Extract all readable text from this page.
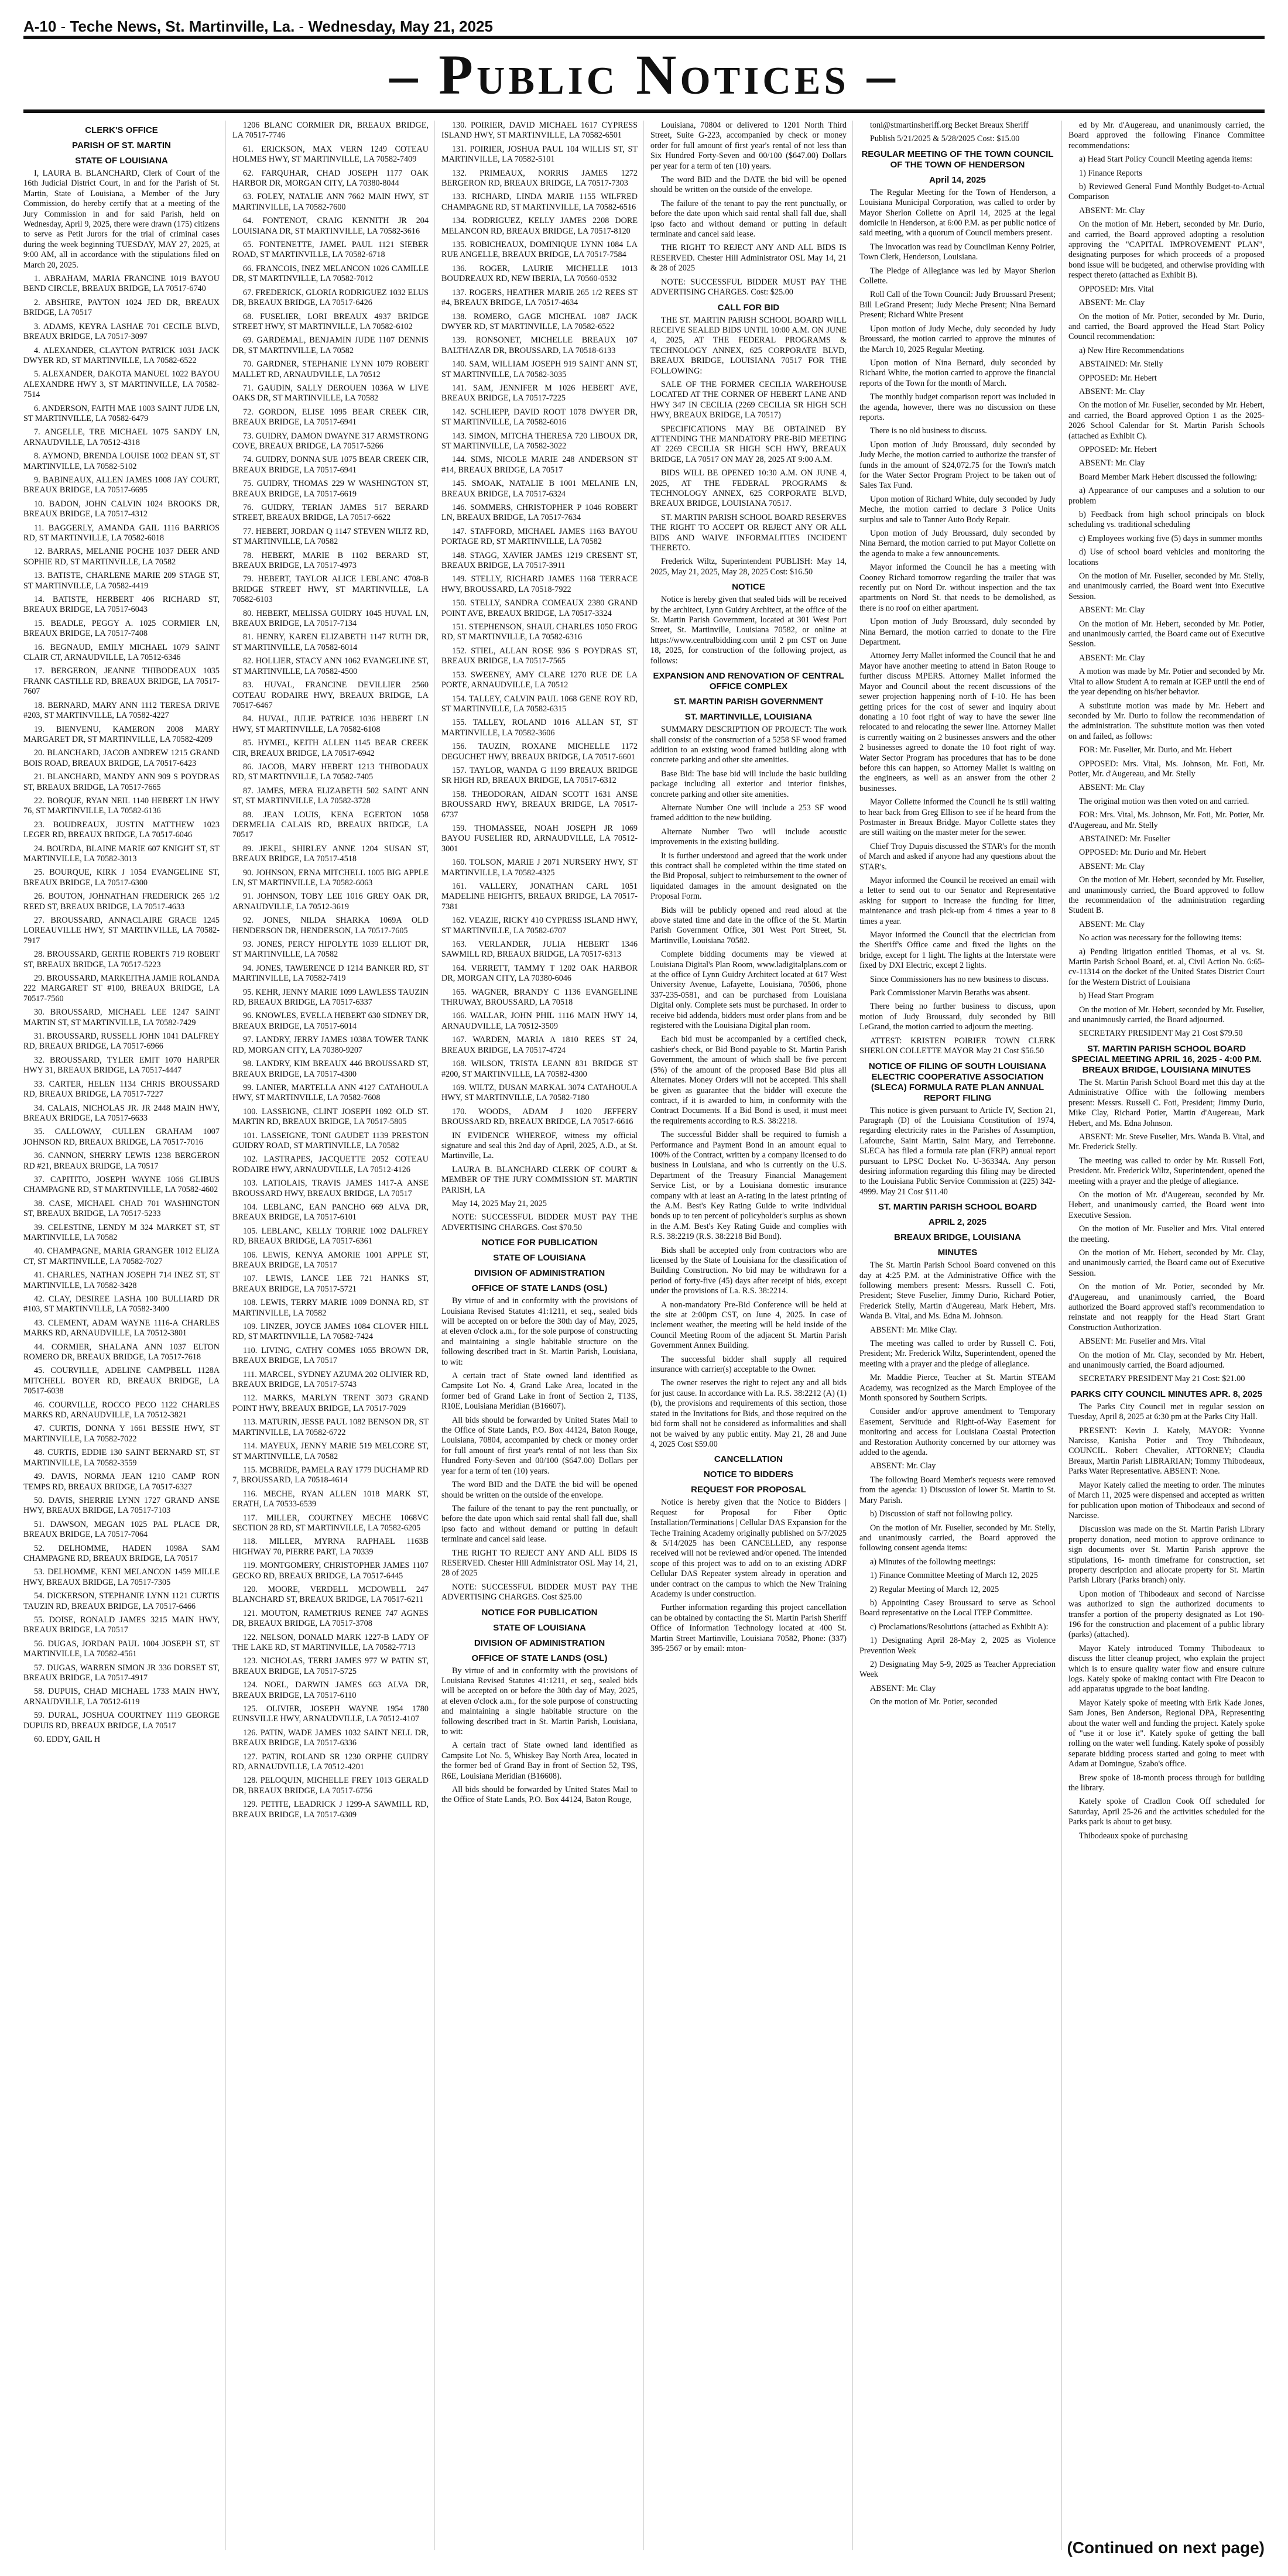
A-10 - Teche News, St. Martinville, La. - Wednesday, May 21, 2025
– Public Notices –
CLERK'S OFFICE
PARISH OF ST. MARTIN
STATE OF LOUISIANA

I, LAURA B. BLANCHARD, Clerk of Court of the 16th Judicial District Court, in and for the Parish of St. Martin, State of Louisiana, a Member of the Jury Commission, do hereby certify that at a meeting of the Jury Commission in and for said Parish, held on Wednesday, April 9, 2025, there were drawn (175) citizens to serve as Petit Jurors for the trial of criminal cases during the week beginning TUESDAY, MAY 27, 2025, at 9:00 AM, all in accordance with the stipulations filed on March 20, 2025.

1. ABRAHAM, MARIA FRANCINE 1019 BAYOU BEND CIRCLE, BREAUX BRIDGE, LA 70517-6740

2. ABSHIRE, PAYTON 1024 JED DR, BREAUX BRIDGE, LA 70517

3. ADAMS, KEYRA LASHAE 701 CECILE BLVD, BREAUX BRIDGE, LA 70517-3097

4. ALEXANDER, CLAYTON PATRICK 1031 JACK DWYER RD, ST MARTINVILLE, LA 70582-6522

5. ALEXANDER, DAKOTA MANUEL 1022 BAYOU ALEXANDRE HWY 3, ST MARTINVILLE, LA 70582-7514

6. ANDERSON, FAITH MAE 1003 SAINT JUDE LN, ST MARTINVILLE, LA 70582-6479

7. ANGELLE, TRE MICHAEL 1075 SANDY LN, ARNAUDVILLE, LA 70512-4318

8. AYMOND, BRENDA LOUISE 1002 DEAN ST, ST MARTINVILLE, LA 70582-5102

9. BABINEAUX, ALLEN JAMES 1008 JAY COURT, BREAUX BRIDGE, LA 70517-6695

10. BADON, JOHN CALVIN 1024 BROOKS DR, BREAUX BRIDGE, LA 70517-4312

11. BAGGERLY, AMANDA GAIL 1116 BARRIOS RD, ST MARTINVILLE, LA 70582-6018

12. BARRAS, MELANIE POCHE 1037 DEER AND SOPHIE RD, ST MARTINVILLE, LA 70582

13. BATISTE, CHARLENE MARIE 209 STAGE ST, ST MARTINVILLE, LA 70582-4419

14. BATISTE, HERBERT 406 RICHARD ST, BREAUX BRIDGE, LA 70517-6043

15. BEADLE, PEGGY A. 1025 CORMIER LN, BREAUX BRIDGE, LA 70517-7408

16. BEGNAUD, EMILY MICHAEL 1079 SAINT CLAIR CT, ARNAUDVILLE, LA 70512-6346

17. BERGERON, JEANNE THIBODEAUX 1035 FRANK CASTILLE RD, BREAUX BRIDGE, LA 70517-7607

18. BERNARD, MARY ANN 1112 TERESA DRIVE #203, ST MARTINVILLE, LA 70582-4227

19. BIENVENU, KAMERON 2008 MARY MARGARET DR, ST MARTINVILLE, LA 70582-4209

20. BLANCHARD, JACOB ANDREW 1215 GRAND BOIS ROAD, BREAUX BRIDGE, LA 70517-6423

21. BLANCHARD, MANDY ANN 909 S POYDRAS ST, BREAUX BRIDGE, LA 70517-7665

22. BORQUE, RYAN NEIL 1140 HEBERT LN HWY 76, ST MARTINVILLE, LA 70582-6136

23. BOUDREAUX, JUSTIN MATTHEW 1023 LEGER RD, BREAUX BRIDGE, LA 70517-6046

24. BOURDA, BLAINE MARIE 607 KNIGHT ST, ST MARTINVILLE, LA 70582-3013

25. BOURQUE, KIRK J 1054 EVANGELINE ST, BREAUX BRIDGE, LA 70517-6300

26. BOUTON, JOHNATHAN FREDERICK 265 1/2 REED ST, BREAUX BRIDGE, LA 70517-4633

27. BROUSSARD, ANNACLAIRE GRACE 1245 LOREAUVILLE HWY, ST MARTINVILLE, LA 70582-7917

28. BROUSSARD, GERTIE ROBERTS 719 ROBERT ST, BREAUX BRIDGE, LA 70517-5223

29. BROUSSARD, MARKEITHA JAMIE ROLANDA 222 MARGARET ST #100, BREAUX BRIDGE, LA 70517-7560

30. BROUSSARD, MICHAEL LEE 1247 SAINT MARTIN ST, ST MARTINVILLE, LA 70582-7429

31. BROUSSARD, RUSSELL JOHN 1041 DALFREY RD, BREAUX BRIDGE, LA 70517-6966

32. BROUSSARD, TYLER EMIT 1070 HARPER HWY 31, BREAUX BRIDGE, LA 70517-4447

33. CARTER, HELEN 1134 CHRIS BROUSSARD RD, BREAUX BRIDGE, LA 70517-7227

34. CALAIS, NICHOLAS JR. JR 2448 MAIN HWY, BREAUX BRIDGE, LA 70517-6633

35. CALLOWAY, CULLEN GRAHAM 1007 JOHNSON RD, BREAUX BRIDGE, LA 70517-7016

36. CANNON, SHERRY LEWIS 1238 BERGERON RD #21, BREAUX BRIDGE, LA 70517

37. CAPITITO, JOSEPH WAYNE 1066 GLIBUS CHAMPAGNE RD, ST MARTINVILLE, LA 70582-4602

38. CASE, MICHAEL CHAD 701 WASHINGTON ST, BREAUX BRIDGE, LA 70517-5233

39. CELESTINE, LENDY M 324 MARKET ST, ST MARTINVILLE, LA 70582

40. CHAMPAGNE, MARIA GRANGER 1012 ELIZA CT, ST MARTINVILLE, LA 70582-7027

41. CHARLES, NATHAN JOSEPH 714 INEZ ST, ST MARTINVILLE, LA 70582-3428

42. CLAY, DESIREE LASHA 100 BULLIARD DR #103, ST MARTINVILLE, LA 70582-3400

43. CLEMENT, ADAM WAYNE 1116-A CHARLES MARKS RD, ARNAUDVILLE, LA 70512-3801

44. CORMIER, SHALANA ANN 1037 ELTON ROMERO DR, BREAUX BRIDGE, LA 70517-7618

45. COURVILLE, ADELINE CAMPBELL 1128A MITCHELL BOYER RD, BREAUX BRIDGE, LA 70517-6038

46. COURVILLE, ROCCO PECO 1122 CHARLES MARKS RD, ARNAUDVILLE, LA 70512-3821

47. CURTIS, DONNA Y 1661 BESSIE HWY, ST MARTINVILLE, LA 70582-7022

48. CURTIS, EDDIE 130 SAINT BERNARD ST, ST MARTINVILLE, LA 70582-3559

49. DAVIS, NORMA JEAN 1210 CAMP RON TEMPS RD, BREAUX BRIDGE, LA 70517-6327

50. DAVIS, SHERRIE LYNN 1727 GRAND ANSE HWY, BREAUX BRIDGE, LA 70517-7103

51. DAWSON, MEGAN 1025 PAL PLACE DR, BREAUX BRIDGE, LA 70517-7064

52. DELHOMME, HADEN 1098A SAM CHAMPAGNE RD, BREAUX BRIDGE, LA 70517

53. DELHOMME, KENI MELANCON 1459 MILLE HWY, BREAUX BRIDGE, LA 70517-7305

54. DICKERSON, STEPHANIE LYNN 1121 CURTIS TAUZIN RD, BREAUX BRIDGE, LA 70517-6466

55. DOISE, RONALD JAMES 3215 MAIN HWY, BREAUX BRIDGE, LA 70517

56. DUGAS, JORDAN PAUL 1004 JOSEPH ST, ST MARTINVILLE, LA 70582-4561

57. DUGAS, WARREN SIMON JR 336 DORSET ST, BREAUX BRIDGE, LA 70517-4917

58. DUPUIS, CHAD MICHAEL 1733 MAIN HWY, ARNAUDVILLE, LA 70512-6119

59. DURAL, JOSHUA COURTNEY 1119 GEORGE DUPUIS RD, BREAUX BRIDGE, LA 70517

60. EDDY, GAIL H

1206 BLANC CORMIER DR, BREAUX BRIDGE, LA 70517-7746

61. ERICKSON, MAX VERN 1249 COTEAU HOLMES HWY, ST MARTINVILLE, LA 70582-7409

62. FARQUHAR, CHAD JOSEPH 1177 OAK HARBOR DR, MORGAN CITY, LA 70380-8044

63. FOLEY, NATALIE ANN 7662 MAIN HWY, ST MARTINVILLE, LA 70582-7600

64. FONTENOT, CRAIG KENNITH JR 204 LOUISIANA DR, ST MARTINVILLE, LA 70582-3616

65. FONTENETTE, JAMEL PAUL 1121 SIEBER ROAD, ST MARTINVILLE, LA 70582-6718

66. FRANCOIS, INEZ MELANCON 1026 CAMILLE DR, ST MARTINVILLE, LA 70582-7012

67. FREDERICK, GLORIA RODRIGUEZ 1032 ELUS DR, BREAUX BRIDGE, LA 70517-6426

68. FUSELIER, LORI BREAUX 4937 BRIDGE STREET HWY, ST MARTINVILLE, LA 70582-6102

69. GARDEMAL, BENJAMIN JUDE 1107 DENNIS DR, ST MARTINVILLE, LA 70582

70. GARDNER, STEPHANIE LYNN 1079 ROBERT MALLET RD, ARNAUDVILLE, LA 70512

71. GAUDIN, SALLY DEROUEN 1036A W LIVE OAKS DR, ST MARTINVILLE, LA 70582

72. GORDON, ELISE 1095 BEAR CREEK CIR, BREAUX BRIDGE, LA 70517-6941

73. GUIDRY, DAMON DWAYNE 317 ARMSTRONG COVE, BREAUX BRIDGE, LA 70517-5266

74. GUIDRY, DONNA SUE 1075 BEAR CREEK CIR, BREAUX BRIDGE, LA 70517-6941

75. GUIDRY, THOMAS 229 W WASHINGTON ST, BREAUX BRIDGE, LA 70517-6619

76. GUIDRY, TERIAN JAMES 517 BERARD STREET, BREAUX BRIDGE, LA 70517-6622

77. HEBERT, JORDAN Q 1147 STEVEN WILTZ RD, ST MARTINVILLE, LA 70582

78. HEBERT, MARIE B 1102 BERARD ST, BREAUX BRIDGE, LA 70517-4973

79. HEBERT, TAYLOR ALICE LEBLANC 4708-B BRIDGE STREET HWY, ST MARTINVILLE, LA 70582-6103

80. HEBERT, MELISSA GUIDRY 1045 HUVAL LN, BREAUX BRIDGE, LA 70517-7134

81. HENRY, KAREN ELIZABETH 1147 RUTH DR, ST MARTINVILLE, LA 70582-6014

82. HOLLIER, STACY ANN 1062 EVANGELINE ST, ST MARTINVILLE, LA 70582-4500

83. HUVAL, FRANCINE DEVILLIER 2560 COTEAU RODAIRE HWY, BREAUX BRIDGE, LA 70517-6467

84. HUVAL, JULIE PATRICE 1036 HEBERT LN HWY, ST MARTINVILLE, LA 70582-6108

85. HYMEL, KEITH ALLEN 1145 BEAR CREEK CIR, BREAUX BRIDGE, LA 70517-6942

86. JACOB, MARY HEBERT 1213 THIBODAUX RD, ST MARTINVILLE, LA 70582-7405

87. JAMES, MERA ELIZABETH 502 SAINT ANN ST, ST MARTINVILLE, LA 70582-3728

88. JEAN LOUIS, KENA EGERTON 1058 DERMELIA CALAIS RD, BREAUX BRIDGE, LA 70517

89. JEKEL, SHIRLEY ANNE 1204 SUSAN ST, BREAUX BRIDGE, LA 70517-4518

90. JOHNSON, ERNA MITCHELL 1005 BIG APPLE LN, ST MARTINVILLE, LA 70582-6063

91. JOHNSON, TOBY LEE 1016 GREY OAK DR, ARNAUDVILLE, LA 70512-3619

92. JONES, NILDA SHARKA 1069A OLD HENDERSON DR, HENDERSON, LA 70517-7605

93. JONES, PERCY HIPOLYTE 1039 ELLIOT DR, ST MARTINVILLE, LA 70582

94. JONES, TAWERENCE D 1214 BANKER RD, ST MARTINVILLE, LA 70582-7419

95. KEHR, JENNY MARIE 1099 LAWLESS TAUZIN RD, BREAUX BRIDGE, LA 70517-6337

96. KNOWLES, EVELLA HEBERT 630 SIDNEY DR, BREAUX BRIDGE, LA 70517-6014

97. LANDRY, JERRY JAMES 1038A TOWER TANK RD, MORGAN CITY, LA 70380-9207

98. LANDRY, KIM BREAUX 446 BROUSSARD ST, BREAUX BRIDGE, LA 70517-4300

99. LANIER, MARTELLA ANN 4127 CATAHOULA HWY, ST MARTINVILLE, LA 70582-7608

100. LASSEIGNE, CLINT JOSEPH 1092 OLD ST. MARTIN RD, BREAUX BRIDGE, LA 70517-5805

101. LASSEIGNE, TONI GAUDET 1139 PRESTON GUIDRY ROAD, ST MARTINVILLE, LA 70582

102. LASTRAPES, JACQUETTE 2052 COTEAU RODAIRE HWY, ARNAUDVILLE, LA 70512-4126

103. LATIOLAIS, TRAVIS JAMES 1417-A ANSE BROUSSARD HWY, BREAUX BRIDGE, LA 70517

104. LEBLANC, EAN PANCHO 669 ALVA DR, BREAUX BRIDGE, LA 70517-6101

105. LEBLANC, KELLY TORRIE 1002 DALFREY RD, BREAUX BRIDGE, LA 70517-6361

106. LEWIS, KENYA AMORIE 1001 APPLE ST, BREAUX BRIDGE, LA 70517

107. LEWIS, LANCE LEE 721 HANKS ST, BREAUX BRIDGE, LA 70517-5721

108. LEWIS, TERRY MARIE 1009 DONNA RD, ST MARTINVILLE, LA 70582

109. LINZER, JOYCE JAMES 1084 CLOVER HILL RD, ST MARTINVILLE, LA 70582-7424

110. LIVING, CATHY COMES 1055 BROWN DR, BREAUX BRIDGE, LA 70517

111. MARCEL, SYDNEY AZUMA 202 OLIVIER RD, BREAUX BRIDGE, LA 70517-5743

112. MARKS, MARLYN TRENT 3073 GRAND POINT HWY, BREAUX BRIDGE, LA 70517-7029

113. MATURIN, JESSE PAUL 1082 BENSON DR, ST MARTINVILLE, LA 70582-6722

114. MAYEUX, JENNY MARIE 519 MELCORE ST, ST MARTINVILLE, LA 70582

115. MCBRIDE, PAMELA RAY 1779 DUCHAMP RD 7, BROUSSARD, LA 70518-4614

116. MECHE, RYAN ALLEN 1018 MARK ST, ERATH, LA 70533-6539

117. MILLER, COURTNEY MECHE 1068VC SECTION 28 RD, ST MARTINVILLE, LA 70582-6205

118. MILLER, MYRNA RAPHAEL 1163B HIGHWAY 70, PIERRE PART, LA 70339

119. MONTGOMERY, CHRISTOPHER JAMES 1107 GECKO RD, BREAUX BRIDGE, LA 70517-6445

120. MOORE, VERDELL MCDOWELL 247 BLANCHARD ST, BREAUX BRIDGE, LA 70517-6211

121. MOUTON, RAMETRIUS RENEE 747 AGNES DR, BREAUX BRIDGE, LA 70517-3708

122. NELSON, DONALD MARK 1227-B LADY OF THE LAKE RD, ST MARTINVILLE, LA 70582-7713

123. NICHOLAS, TERRI JAMES 977 W PATIN ST, BREAUX BRIDGE, LA 70517-5725

124. NOEL, DARWIN JAMES 663 ALVA DR, BREAUX BRIDGE, LA 70517-6110

125. OLIVIER, JOSEPH WAYNE 1954 1780 EUNSVILLE HWY, ARNAUDVILLE, LA 70512-4107

126. PATIN, WADE JAMES 1032 SAINT NELL DR, BREAUX BRIDGE, LA 70517-6336

127. PATIN, ROLAND SR 1230 ORPHE GUIDRY RD, ARNAUDVILLE, LA 70512-4201

128. PELOQUIN, MICHELLE FREY 1013 GERALD DR, BREAUX BRIDGE, LA 70517-6756

129. PETITE, LEADRICK J 1299-A SAWMILL RD, BREAUX BRIDGE, LA 70517-6309

130. POIRIER, DAVID MICHAEL 1617 CYPRESS ISLAND HWY, ST MARTINVILLE, LA 70582-6501

131. POIRIER, JOSHUA PAUL 104 WILLIS ST, ST MARTINVILLE, LA 70582-5101

132. PRIMEAUX, NORRIS JAMES 1272 BERGERON RD, BREAUX BRIDGE, LA 70517-7303

133. RICHARD, LINDA MARIE 1155 WILFRED CHAMPAGNE RD, ST MARTINVILLE, LA 70582-6516

134. RODRIGUEZ, KELLY JAMES 2208 DORE MELANCON RD, BREAUX BRIDGE, LA 70517-8120

135. ROBICHEAUX, DOMINIQUE LYNN 1084 LA RUE ANGELLE, BREAUX BRIDGE, LA 70517-7584

136. ROGER, LAURIE MICHELLE 1013 BOUDREAUX RD, NEW IBERIA, LA 70560-0532

137. ROGERS, HEATHER MARIE 265 1/2 REES ST #4, BREAUX BRIDGE, LA 70517-4634

138. ROMERO, GAGE MICHEAL 1087 JACK DWYER RD, ST MARTINVILLE, LA 70582-6522

139. RONSONET, MICHELLE BREAUX 107 BALTHAZAR DR, BROUSSARD, LA 70518-6133

140. SAM, WILLIAM JOSEPH 919 SAINT ANN ST, ST MARTINVILLE, LA 70582-3035

141. SAM, JENNIFER M 1026 HEBERT AVE, BREAUX BRIDGE, LA 70517-7225

142. SCHLIEPP, DAVID ROOT 1078 DWYER DR, ST MARTINVILLE, LA 70582-6016

143. SIMON, MITCHA THERESA 720 LIBOUX DR, ST MARTINVILLE, LA 70582-3022

144. SIMS, NICOLE MARIE 248 ANDERSON ST #14, BREAUX BRIDGE, LA 70517

145. SMOAK, NATALIE B 1001 MELANIE LN, BREAUX BRIDGE, LA 70517-6324

146. SOMMERS, CHRISTOPHER P 1046 ROBERT LN, BREAUX BRIDGE, LA 70517-7634

147. STAFFORD, MICHAEL JAMES 1163 BAYOU PORTAGE RD, ST MARTINVILLE, LA 70582

148. STAGG, XAVIER JAMES 1219 CRESENT ST, BREAUX BRIDGE, LA 70517-3911

149. STELLY, RICHARD JAMES 1168 TERRACE HWY, BROUSSARD, LA 70518-7922

150. STELLY, SANDRA COMEAUX 2380 GRAND POINT AVE, BREAUX BRIDGE, LA 70517-3324

151. STEPHENSON, SHAUL CHARLES 1050 FROG RD, ST MARTINVILLE, LA 70582-6316

152. STIEL, ALLAN ROSE 936 S POYDRAS ST, BREAUX BRIDGE, LA 70517-7565

153. SWEENEY, AMY CLARE 1270 RUE DE LA PORTE, ARNAUDVILLE, LA 70512

154. TALLEY, CALVIN PAUL 1068 GENE ROY RD, ST MARTINVILLE, LA 70582-6315

155. TALLEY, ROLAND 1016 ALLAN ST, ST MARTINVILLE, LA 70582-3606

156. TAUZIN, ROXANE MICHELLE 1172 DEGUCHET HWY, BREAUX BRIDGE, LA 70517-6601

157. TAYLOR, WANDA G 1199 BREAUX BRIDGE SR HIGH RD, BREAUX BRIDGE, LA 70517-6312

158. THEODORAN, AIDAN SCOTT 1631 ANSE BROUSSARD HWY, BREAUX BRIDGE, LA 70517-6737

159. THOMASSEE, NOAH JOSEPH JR 1069 BAYOU FUSELIER RD, ARNAUDVILLE, LA 70512-3001

160. TOLSON, MARIE J 2071 NURSERY HWY, ST MARTINVILLE, LA 70582-4325

161. VALLERY, JONATHAN CARL 1051 MADELINE HEIGHTS, BREAUX BRIDGE, LA 70517-7381

162. VEAZIE, RICKY 410 CYPRESS ISLAND HWY, ST MARTINVILLE, LA 70582-6707

163. VERLANDER, JULIA HEBERT 1346 SAWMILL RD, BREAUX BRIDGE, LA 70517-6313

164. VERRETT, TAMMY T 1202 OAK HARBOR DR, MORGAN CITY, LA 70380-6046

165. WAGNER, BRANDY C 1136 EVANGELINE THRUWAY, BROUSSARD, LA 70518

166. WALLAR, JOHN PHIL 1116 MAIN HWY 14, ARNAUDVILLE, LA 70512-3509

167. WARDEN, MARIA A 1810 REES ST 24, BREAUX BRIDGE, LA 70517-4724

168. WILSON, TRISTA LEANN 831 BRIDGE ST #200, ST MARTINVILLE, LA 70582-4300

169. WILTZ, DUSAN MARKAL 3074 CATAHOULA HWY, ST MARTINVILLE, LA 70582-7180

170. WOODS, ADAM J 1020 JEFFERY BROUSSARD RD, BREAUX BRIDGE, LA 70517-6616

IN EVIDENCE WHEREOF, witness my official signature and seal this 2nd day of April, 2025, A.D., at St. Martinville, La.

LAURA B. BLANCHARD CLERK OF COURT & MEMBER OF THE JURY COMMISSION ST. MARTIN PARISH, LA

May 14, 2025 May 21, 2025

NOTE: SUCCESSFUL BIDDER MUST PAY THE ADVERTISING CHARGES. Cost $70.50

NOTICE FOR PUBLICATION
STATE OF LOUISIANA
DIVISION OF ADMINISTRATION
OFFICE OF STATE LANDS (OSL)

By virtue of and in conformity with the provisions of Louisiana Revised Statutes 41:1211, et seq., sealed bids will be accepted on or before the 30th day of May, 2025, at eleven o'clock a.m., for the sole purpose of constructing and maintaining a single habitable structure on the following described tract in St. Martin Parish, Louisiana, to wit:

A certain tract of State owned land identified as Campsite Lot No. 4, Grand Lake Area, located in the former bed of Grand Lake in front of Section 2, T13S, R10E, Louisiana Meridian (B16607).

All bids should be forwarded by United States Mail to the Office of State Lands, P.O. Box 44124, Baton Rouge, Louisiana, 70804, accompanied by check or money order for full amount of first year's rental of not less than Six Hundred Forty-Seven and 00/100 ($647.00) Dollars per year for a term of ten (10) years.

The word BID and the DATE the bid will be opened should be written on the outside of the envelope.

The failure of the tenant to pay the rent punctually, or before the date upon which said rental shall fall due, shall ipso facto and without demand or putting in default terminate and cancel said lease.

THE RIGHT TO REJECT ANY AND ALL BIDS IS RESERVED. Chester Hill Administrator OSL May 14, 21, 28 of 2025

NOTE: SUCCESSFUL BIDDER MUST PAY THE ADVERTISING CHARGES. Cost $25.00

NOTICE FOR PUBLICATION
STATE OF LOUISIANA
DIVISION OF ADMINISTRATION
OFFICE OF STATE LANDS (OSL)

By virtue of and in conformity with the provisions of Louisiana Revised Statutes 41:1211, et seq., sealed bids will be accepted on or before the 30th day of May, 2025, at eleven o'clock a.m., for the sole purpose of constructing and maintaining a single habitable structure on the following described tract in St. Martin Parish, Louisiana, to wit:

A certain tract of State owned land identified as Campsite Lot No. 5, Whiskey Bay North Area, located in the former bed of Grand Bay in front of Section 52, T9S, R6E, Louisiana Meridian (B16608).

All bids should be forwarded by United States Mail to the Office of State Lands, P.O. Box 44124, Baton Rouge,

Louisiana, 70804 or delivered to 1201 North Third Street, Suite G-223, accompanied by check or money order for full amount of first year's rental of not less than Six Hundred Forty-Seven and 00/100 ($647.00) Dollars per year for a term of ten (10) years.

The word BID and the DATE the bid will be opened should be written on the outside of the envelope.

The failure of the tenant to pay the rent punctually, or before the date upon which said rental shall fall due, shall ipso facto and without demand or putting in default terminate and cancel said lease.

THE RIGHT TO REJECT ANY AND ALL BIDS IS RESERVED. Chester Hill Administrator OSL May 14, 21 & 28 of 2025

NOTE: SUCCESSFUL BIDDER MUST PAY THE ADVERTISING CHARGES. Cost: $25.00

CALL FOR BID

THE ST. MARTIN PARISH SCHOOL BOARD WILL RECEIVE SEALED BIDS UNTIL 10:00 A.M. ON JUNE 4, 2025, AT THE FEDERAL PROGRAMS & TECHNOLOGY ANNEX, 625 CORPORATE BLVD, BREAUX BRIDGE, LOUISIANA 70517 FOR THE FOLLOWING:

SALE OF THE FORMER CECILIA WAREHOUSE LOCATED AT THE CORNER OF HEBERT LANE AND HWY 347 IN CECILIA (2269 CECILIA SR HIGH SCH HWY, BREAUX BRIDGE, LA 70517)

SPECIFICATIONS MAY BE OBTAINED BY ATTENDING THE MANDATORY PRE-BID MEETING AT 2269 CECILIA SR HIGH SCH HWY, BREAUX BRIDGE, LA 70517 ON MAY 28, 2025 AT 9:00 A.M.

BIDS WILL BE OPENED 10:30 A.M. ON JUNE 4, 2025, AT THE FEDERAL PROGRAMS & TECHNOLOGY ANNEX, 625 CORPORATE BLVD, BREAUX BRIDGE, LOUISIANA 70517.

ST. MARTIN PARISH SCHOOL BOARD RESERVES THE RIGHT TO ACCEPT OR REJECT ANY OR ALL BIDS AND WAIVE INFORMALITIES INCIDENT THERETO.

Frederick Wiltz, Superintendent PUBLISH: May 14, 2025, May 21, 2025, May 28, 2025 Cost: $16.50

NOTICE

Notice is hereby given that sealed bids will be received by the architect, Lynn Guidry Architect, at the office of the St. Martin Parish Government, located at 301 West Port Street, St. Martinville, Louisiana 70582, or online at https://www.centralbidding.com until 2 pm CST on June 18, 2025, for construction of the following project, as follows:

EXPANSION AND RENOVATION OF CENTRAL OFFICE COMPLEX
ST. MARTIN PARISH GOVERNMENT
ST. MARTINVILLE, LOUISIANA

SUMMARY DESCRIPTION OF PROJECT: The work shall consist of the construction of a 5258 SF wood framed addition to an existing wood framed building along with concrete parking and other site amenities.

Base Bid: The base bid will include the basic building package including all exterior and interior finishes, concrete parking and other site amenities.

Alternate Number One will include a 253 SF wood framed addition to the new building.

Alternate Number Two will include acoustic improvements in the existing building.

It is further understood and agreed that the work under this contract shall be completed within the time stated on the Bid Proposal, subject to reimbursement to the owner of liquidated damages in the amount designated on the Proposal Form.

Bids will be publicly opened and read aloud at the above stated time and date in the office of the St. Martin Parish Government Office, 301 West Port Street, St. Martinville, Louisiana 70582.

Complete bidding documents may be viewed at Louisiana Digital's Plan Room, www.ladigitalplans.com or at the office of Lynn Guidry Architect located at 617 West University Avenue, Lafayette, Louisiana, 70506, phone 337-235-0581, and can be purchased from Louisiana Digital only. Complete sets must be purchased. In order to receive bid addenda, bidders must order plans from and be registered with the Louisiana Digital plan room.

Each bid must be accompanied by a certified check, cashier's check, or Bid Bond payable to St. Martin Parish Government, the amount of which shall be five percent (5%) of the amount of the proposed Base Bid plus all Alternates. Money Orders will not be accepted. This shall be given as guarantee that the bidder will execute the contract, if it is awarded to him, in conformity with the Contract Documents. If a Bid Bond is used, it must meet the requirements according to R.S. 38:2218.

The successful Bidder shall be required to furnish a Performance and Payment Bond in an amount equal to 100% of the Contract, written by a company licensed to do business in Louisiana, and who is currently on the U.S. Department of the Treasury Financial Management Service List, or by a Louisiana domestic insurance company with at least an A-rating in the latest printing of the A.M. Best's Key Rating Guide to write individual bonds up to ten percent of policyholder's surplus as shown in the A.M. Best's Key Rating Guide and complies with R.S. 38:2219 (R.S. 38:2218 Bid Bond).

Bids shall be accepted only from contractors who are licensed by the State of Louisiana for the classification of Building Construction. No bid may be withdrawn for a period of forty-five (45) days after receipt of bids, except under the provisions of La. R.S. 38:2214.

A non-mandatory Pre-Bid Conference will be held at the site at 2:00pm CST, on June 4, 2025. In case of inclement weather, the meeting will be held inside of the Council Meeting Room of the adjacent St. Martin Parish Government Annex Building.

The successful bidder shall supply all required insurance with carrier(s) acceptable to the Owner.

The owner reserves the right to reject any and all bids for just cause. In accordance with La. R.S. 38:2212 (A) (1) (b), the provisions and requirements of this section, those stated in the Invitations for Bids, and those required on the bid form shall not be considered as informalities and shall not be waived by any public entity. May 21, 28 and June 4, 2025 Cost $59.00

CANCELLATION
NOTICE TO BIDDERS
REQUEST FOR PROPOSAL

Notice is hereby given that the Notice to Bidders | Request for Proposal for Fiber Optic Installation/Terminations | Cellular DAS Expansion for the Teche Training Academy originally published on 5/7/2025 & 5/14/2025 has been CANCELLED, any response received will not be reviewed and/or opened. The intended scope of this project was to add on to an existing ADRF Cellular DAS Repeater system already in operation and under contract on the campus to which the New Training Academy is under construction.

Further information regarding this project cancellation can be obtained by contacting the St. Martin Parish Sheriff Office of Information Technology located at 400 St. Martin Street Martinville, Louisiana 70582, Phone: (337) 395-2567 or by email: mton-

tonl@stmartinsheriff.org Becket Breaux Sheriff

Publish 5/21/2025 & 5/28/2025 Cost: $15.00

REGULAR MEETING OF THE TOWN COUNCIL OF THE TOWN OF HENDERSON
April 14, 2025

The Regular Meeting for the Town of Henderson, a Louisiana Municipal Corporation, was called to order by Mayor Sherlon Collette on April 14, 2025 at the legal domicile in Henderson, at 6:00 P.M. as per public notice of said meeting, with a quorum of Council members present.

The Invocation was read by Councilman Kenny Poirier, Town Clerk, Henderson, Louisiana.

The Pledge of Allegiance was led by Mayor Sherlon Collette.

Roll Call of the Town Council: Judy Broussard Present; Bill LeGrand Present; Judy Meche Present; Nina Bernard Present; Richard White Present

Upon motion of Judy Meche, duly seconded by Judy Broussard, the motion carried to approve the minutes of the March 10, 2025 Regular Meeting.

Upon motion of Nina Bernard, duly seconded by Richard White, the motion carried to approve the financial reports of the Town for the month of March.

The monthly budget comparison report was included in the agenda, however, there was no discussion on these reports.

There is no old business to discuss.

Upon motion of Judy Broussard, duly seconded by Judy Meche, the motion carried to authorize the transfer of funds in the amount of $24,072.75 for the Town's match for the Water Sector Program Project to be taken out of Sales Tax Fund.

Upon motion of Richard White, duly seconded by Judy Meche, the motion carried to declare 3 Police Units surplus and sale to Tanner Auto Body Repair.

Upon motion of Judy Broussard, duly seconded by Nina Bernard, the motion carried to put Mayor Collette on the agenda to make a few announcements.

Mayor informed the Council he has a meeting with Cooney Richard tomorrow regarding the trailer that was recently put on Nord Dr. without inspection and the tax apartments on Nord St. that needs to be demolished, as there is no roof on either apartment.

Upon motion of Judy Broussard, duly seconded by Nina Bernard, the motion carried to donate to the Fire Department.

Attorney Jerry Mallet informed the Council that he and Mayor have another meeting to attend in Baton Rouge to further discuss MPERS. Attorney Mallet informed the Mayor and Council about the recent discussions of the sewer projection happening north of I-10. He has been getting prices for the cost of sewer and inquiry about donating a 10 foot right of way to have the sewer line relocated to and relocating the sewer line. Attorney Mallet is currently waiting on 2 businesses answers and the other 2 businesses agreed to donate the 10 foot right of way. Water Sector Program has procedures that has to be done before this can happen, so Attorney Mallet is waiting on the engineers, as well as an answer from the other 2 businesses.

Mayor Collette informed the Council he is still waiting to hear back from Greg Ellison to see if he heard from the Postmaster in Breaux Bridge. Mayor Collette states they are still waiting on the master meter for the sewer.

Chief Troy Dupuis discussed the STAR's for the month of March and asked if anyone had any questions about the STAR's.

Mayor informed the Council he received an email with a letter to send out to our Senator and Representative asking for support to increase the funding for litter, maintenance and trash pick-up from 4 times a year to 8 times a year.

Mayor informed the Council that the electrician from the Sheriff's Office came and fixed the lights on the bridge, except for 1 light. The lights at the Interstate were fixed by DXI Electric, except 2 lights.

Since Commissioners has no new business to discuss.

Park Commissioner Marvin Beraths was absent.

There being no further business to discuss, upon motion of Judy Broussard, duly seconded by Bill LeGrand, the motion carried to adjourn the meeting.

ATTEST: KRISTEN POIRIER TOWN CLERK SHERLON COLLETTE MAYOR May 21 Cost $56.50

NOTICE OF FILING OF SOUTH LOUISIANA ELECTRIC COOPERATIVE ASSOCIATION (SLECA) FORMULA RATE PLAN ANNUAL REPORT FILING

This notice is given pursuant to Article IV, Section 21, Paragraph (D) of the Louisiana Constitution of 1974, regarding electricity rates in the Parishes of Assumption, Lafourche, Saint Martin, Saint Mary, and Terrebonne. SLECA has filed a formula rate plan (FRP) annual report pursuant to LPSC Docket No. U-36334A. Any person desiring information regarding this filing may be directed to the Louisiana Public Service Commission at (225) 342-4999. May 21 Cost $11.40

ST. MARTIN PARISH SCHOOL BOARD
APRIL 2, 2025
BREAUX BRIDGE, LOUISIANA
MINUTES

The St. Martin Parish School Board convened on this day at 4:25 P.M. at the Administrative Office with the following members present: Messrs. Russell C. Foti, President; Steve Fuselier, Jimmy Durio, Richard Potier, Frederick Stelly, Martin d'Augereau, Mark Hebert, Mrs. Wanda B. Vital, and Ms. Edna M. Johnson.

ABSENT: Mr. Mike Clay.

The meeting was called to order by Russell C. Foti, President; Mr. Frederick Wiltz, Superintendent, opened the meeting with a prayer and the pledge of allegiance.

Mr. Maddie Pierce, Teacher at St. Martin STEAM Academy, was recognized as the March Employee of the Month sponsored by Southern Scripts.

Consider and/or approve amendment to Temporary Easement, Servitude and Right-of-Way Easement for monitoring and access for Louisiana Coastal Protection and Restoration Authority concerned by our attorney was added to the agenda.

ABSENT: Mr. Clay

The following Board Member's requests were removed from the agenda: 1) Discussion of lower St. Martin to St. Mary Parish.

b) Discussion of staff not following policy.

On the motion of Mr. Fuselier, seconded by Mr. Stelly, and unanimously carried, the Board approved the following consent agenda items:

a) Minutes of the following meetings:

1) Finance Committee Meeting of March 12, 2025

2) Regular Meeting of March 12, 2025

b) Appointing Casey Broussard to serve as School Board representative on the Local ITEP Committee.

c) Proclamations/Resolutions (attached as Exhibit A):

1) Designating April 28-May 2, 2025 as Violence Prevention Week

2) Designating May 5-9, 2025 as Teacher Appreciation Week

ABSENT: Mr. Clay

On the motion of Mr. Potier, seconded

ed by Mr. d'Augereau, and unanimously carried, the Board approved the following Finance Committee recommendations:

a) Head Start Policy Council Meeting agenda items:

1) Finance Reports

b) Reviewed General Fund Monthly Budget-to-Actual Comparison

ABSENT: Mr. Clay

On the motion of Mr. Hebert, seconded by Mr. Durio, and carried, the Board approved adopting a resolution approving the "CAPITAL IMPROVEMENT PLAN", designating purposes for which proceeds of a proposed bond issue will be budgeted, and otherwise providing with respect thereto (attached as Exhibit B).

OPPOSED: Mrs. Vital

ABSENT: Mr. Clay

On the motion of Mr. Potier, seconded by Mr. Durio, and carried, the Board approved the Head Start Policy Council recommendation:

a) New Hire Recommendations

ABSTAINED: Mr. Stelly

OPPOSED: Mr. Hebert

ABSENT: Mr. Clay

On the motion of Mr. Fuselier, seconded by Mr. Hebert, and carried, the Board approved Option 1 as the 2025-2026 School Calendar for St. Martin Parish Schools (attached as Exhibit C).

OPPOSED: Mr. Hebert

ABSENT: Mr. Clay

Board Member Mark Hebert discussed the following:

a) Appearance of our campuses and a solution to our problem

b) Feedback from high school principals on block scheduling vs. traditional scheduling

c) Employees working five (5) days in summer months

d) Use of school board vehicles and monitoring the locations

On the motion of Mr. Fuselier, seconded by Mr. Stelly, and unanimously carried, the Board went into Executive Session.

ABSENT: Mr. Clay

On the motion of Mr. Hebert, seconded by Mr. Potier, and unanimously carried, the Board came out of Executive Session.

ABSENT: Mr. Clay

A motion was made by Mr. Potier and seconded by Mr. Vital to allow Student A to remain at IGEP until the end of the year depending on his/her behavior.

A substitute motion was made by Mr. Hebert and seconded by Mr. Durio to follow the recommendation of the administration. The substitute motion was then voted on and failed, as follows:

FOR: Mr. Fuselier, Mr. Durio, and Mr. Hebert

OPPOSED: Mrs. Vital, Ms. Johnson, Mr. Foti, Mr. Potier, Mr. d'Augereau, and Mr. Stelly

ABSENT: Mr. Clay

The original motion was then voted on and carried.

FOR: Mrs. Vital, Ms. Johnson, Mr. Foti, Mr. Potier, Mr. d'Augereau, and Mr. Stelly

ABSTAINED: Mr. Fuselier

OPPOSED: Mr. Durio and Mr. Hebert

ABSENT: Mr. Clay

On the motion of Mr. Hebert, seconded by Mr. Fuselier, and unanimously carried, the Board approved to follow the recommendation of the administration regarding Student B.

ABSENT: Mr. Clay

No action was necessary for the following items:

a) Pending litigation entitled Thomas, et al vs. St. Martin Parish School Board, et. al, Civil Action No. 6:65-cv-11314 on the docket of the United States District Court for the Western District of Louisiana

b) Head Start Program

On the motion of Mr. Hebert, seconded by Mr. Fuselier, and unanimously carried, the Board adjourned.

SECRETARY PRESIDENT May 21 Cost $79.50

ST. MARTIN PARISH SCHOOL BOARD SPECIAL MEETING APRIL 16, 2025 - 4:00 P.M. BREAUX BRIDGE, LOUISIANA MINUTES

The St. Martin Parish School Board met this day at the Administrative Office with the following members present: Messrs. Russell C. Foti, President; Jimmy Durio, Mike Clay, Richard Potier, Martin d'Augereau, Mark Hebert, and Ms. Edna Johnson.

ABSENT: Mr. Steve Fuselier, Mrs. Wanda B. Vital, and Mr. Frederick Stelly.

The meeting was called to order by Mr. Russell Foti, President. Mr. Frederick Wiltz, Superintendent, opened the meeting with a prayer and the pledge of allegiance.

On the motion of Mr. d'Augereau, seconded by Mr. Hebert, and unanimously carried, the Board went into Executive Session.

On the motion of Mr. Fuselier and Mrs. Vital entered the meeting.

On the motion of Mr. Hebert, seconded by Mr. Clay, and unanimously carried, the Board came out of Executive Session.

On the motion of Mr. Potier, seconded by Mr. d'Augereau, and unanimously carried, the Board authorized the Board approved staff's recommendation to reinstate and not reapply for the Head Start Grant Construction Authorization.

ABSENT: Mr. Fuselier and Mrs. Vital

On the motion of Mr. Clay, seconded by Mr. Hebert, and unanimously carried, the Board adjourned.

SECRETARY PRESIDENT May 21 Cost: $21.00

PARKS CITY COUNCIL MINUTES APR. 8, 2025

The Parks City Council met in regular session on Tuesday, April 8, 2025 at 6:30 pm at the Parks City Hall.

PRESENT: Kevin J. Kately, MAYOR: Yvonne Narcisse, Kanisha Potier and Troy Thibodeaux, COUNCIL. Robert Chevalier, ATTORNEY; Claudia Breaux, Martin Parish LIBRARIAN; Tommy Thibodeaux, Parks Water Representative. ABSENT: None.

Mayor Kately called the meeting to order. The minutes of March 11, 2025 were dispensed and accepted as written for publication upon motion of Thibodeaux and second of Narcisse.

Discussion was made on the St. Martin Parish Library property donation, need motion to approve ordinance to sign documents over St. Martin Parish approve the stipulations, 16- month timeframe for construction, set property description and allocate property for St. Martin Parish Library (Parks branch) only.

Upon motion of Thibodeaux and second of Narcisse was authorized to sign the authorized documents to transfer a portion of the property designated as Lot 190-196 for the construction and placement of a public library (parks) (attached).

Mayor Kately introduced Tommy Thibodeaux to discuss the litter cleanup project, who explain the project which is to ensure quality water flow and ensure culture logs. Kately spoke of making contact with Fire Deacon to add apparatus upgrade to the boat landing.

Mayor Kately spoke of meeting with Erik Kade Jones, Sam Jones, Ben Anderson, Regional DPA, Representing about the water well and funding the project. Kately spoke of "use it or lose it". Kately spoke of getting the ball rolling on the water well funding. Kately spoke of possibly separate bidding process started and going to meet with Adam at Domingue, Szabo's office.

Brew spoke of 18-month process through for building the library.

Kately spoke of Cradlon Cook Off scheduled for Saturday, April 25-26 and the activities scheduled for the Parks park is about to get busy.

Thibodeaux spoke of purchasing

(Continued on next page)
